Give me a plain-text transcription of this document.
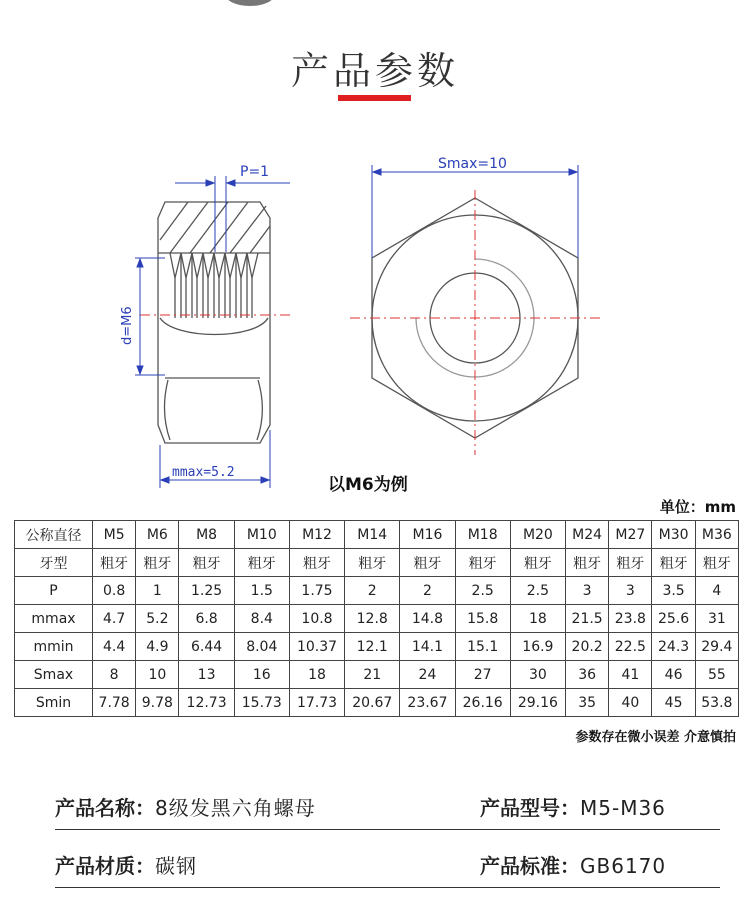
产品参数
P=1
d=M6
mmax=5.2
Smax=10
以M6为例
单位：mm
公称直径	M5	M6	M8	M10	M12	M14	M16	M18	M20	M24	M27	M30	M36
牙型	粗牙	粗牙	粗牙	粗牙	粗牙	粗牙	粗牙	粗牙	粗牙	粗牙	粗牙	粗牙	粗牙
P	0.8	1	1.25	1.5	1.75	2	2	2.5	2.5	3	3	3.5	4
mmax	4.7	5.2	6.8	8.4	10.8	12.8	14.8	15.8	18	21.5	23.8	25.6	31
mmin	4.4	4.9	6.44	8.04	10.37	12.1	14.1	15.1	16.9	20.2	22.5	24.3	29.4
Smax	8	10	13	16	18	21	24	27	30	36	41	46	55
Smin	7.78	9.78	12.73	15.73	17.73	20.67	23.67	26.16	29.16	35	40	45	53.8
参数存在微小误差 介意慎拍
产品名称：8级发黑六角螺母	产品型号：M5-M36
产品材质：碳钢	产品标准：GB6170
